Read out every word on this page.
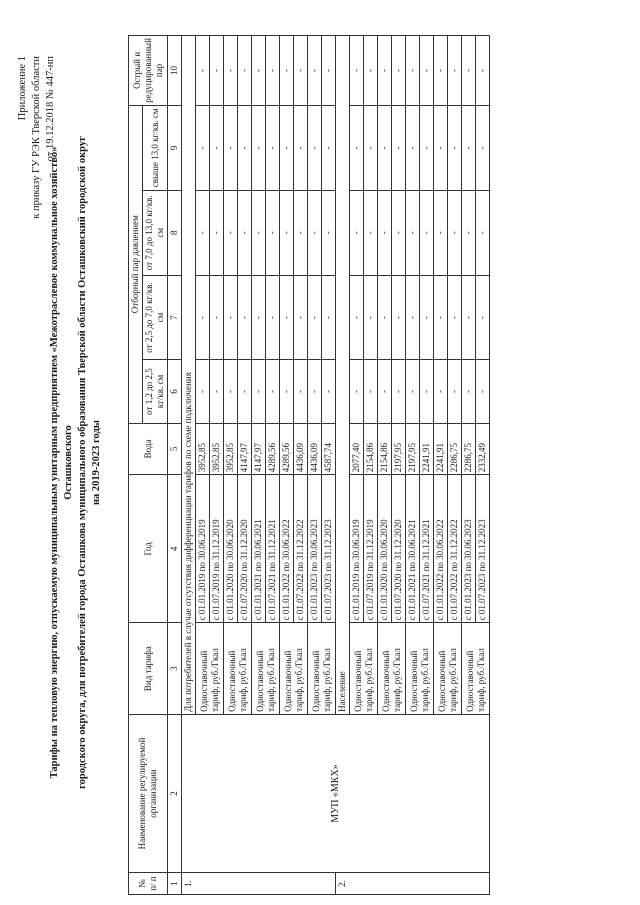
Приложение 1 к приказу ГУ РЭК Тверской области от 19.12.2018 № 447-нп
Тарифы на тепловую энергию, отпускаемую муниципальным унитарным предприятием «Межотраслевое коммунальное хозяйство» Осташковского городского округа, для потребителей города Осташкова муниципального образования Тверской области Осташковский городской округ на 2019-2023 годы
№ п/ п	Наименование регулируемой организации	Вид тарифа	Год	Вода	Отборный пар давлением				Острый и редуцированный пар
					от 1,2 до 2,5 кг/кв. см	от 2,5 до 7,0 кг/кв. см	от 7,0 до 13,0 кг/кв. см	свыше 13,0 кг/кв. см	
1	2	3	4	5	6	7	8	9	10
1.	МУП «МКХ»	Для потребителей в случае отсутствия дифференциации тарифов по схеме подключения							
		Одноставочный тариф, руб./Гкал	с 01.01.2019 по 30.06.2019	3952,85	-	-	-	-	-
			с 01.07.2019 по 31.12.2019	3952,85	-	-	-	-	-
		Одноставочный тариф, руб./Гкал	с 01.01.2020 по 30.06.2020	3952,85	-	-	-	-	-
			с 01.07.2020 по 31.12.2020	4147,97	-	-	-	-	-
		Одноставочный тариф, руб./Гкал	с 01.01.2021 по 30.06.2021	4147,97	-	-	-	-	-
			с 01.07.2021 по 31.12.2021	4289,56	-	-	-	-	-
		Одноставочный тариф, руб./Гкал	с 01.01.2022 по 30.06.2022	4289,56	-	-	-	-	-
			с 01.07.2022 по 31.12.2022	4436,09	-	-	-	-	-
		Одноставочный тариф, руб./Гкал	с 01.01.2023 по 30.06.2023	4436,09	-	-	-	-	-
			с 01.07.2023 по 31.12.2023	4587,74	-	-	-	-	-
2.		Население							
		Одноставочный тариф, руб./Гкал	с 01.01.2019 по 30.06.2019	2077,40	-	-	-	-	-
			с 01.07.2019 по 31.12.2019	2154,86	-	-	-	-	-
		Одноставочный тариф, руб./Гкал	с 01.01.2020 по 30.06.2020	2154,86	-	-	-	-	-
			с 01.07.2020 по 31.12.2020	2197,95	-	-	-	-	-
		Одноставочный тариф, руб./Гкал	с 01.01.2021 по 30.06.2021	2197,95	-	-	-	-	-
			с 01.07.2021 по 31.12.2021	2241,91	-	-	-	-	-
		Одноставочный тариф, руб./Гкал	с 01.01.2022 по 30.06.2022	2241,91	-	-	-	-	-
			с 01.07.2022 по 31.12.2022	2286,75	-	-	-	-	-
		Одноставочный тариф, руб./Гкал	с 01.01.2023 по 30.06.2023	2286,75	-	-	-	-	-
			с 01.07.2023 по 31.12.2023	2332,49	-	-	-	-	-
